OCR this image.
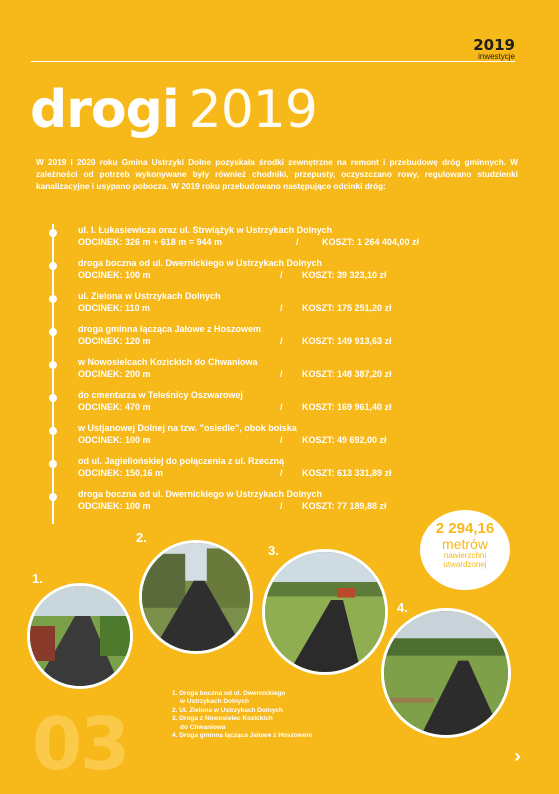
2019
inwestycje
drogi 2019
W 2019 i 2020 roku Gmina Ustrzyki Dolne pozyskała środki zewnętrzne na remont i przebudowę dróg gminnych. W zależności od potrzeb wykonywane były również chodniki, przepusty, oczyszczano rowy, regulowano studzienki kanalizacyjne i usypano pobocza. W 2019 roku przebudowano następujące odcinki dróg:
ul. I. Łukasiewicza oraz ul. Strwiążyk w Ustrzykach Dolnych
ODCINEK: 326 m + 618 m = 944 m	/	KOSZT: 1 264 404,00 zł
droga boczna od ul. Dwernickiego w Ustrzykach Dolnych
ODCINEK: 100 m	/ KOSZT: 39 323,10 zł
ul. Zielona w Ustrzykach Dolnych
ODCINEK: 110 m	/ KOSZT: 175 251,20 zł
droga gminna łącząca Jałowe z Hoszowem
ODCINEK: 120 m	/ KOSZT: 149 913,63 zł
w Nowosielcach Kozickich do Chwaniowa
ODCINEK: 200 m	/ KOSZT: 148 387,20 zł
do cmentarza w Teleśnicy Oszwarowej
ODCINEK: 470 m	/ KOSZT: 169 961,40 zł
w Ustjanowej Dolnej na tzw. "osiedle", obok boiska
ODCINEK: 100 m	/ KOSZT: 49 692,00 zł
od ul. Jagiellońskiej do połączenia z ul. Rzeczną
ODCINEK: 150,16 m	/ KOSZT: 613 331,89 zł
droga boczna od ul. Dwernickiego w Ustrzykach Dolnych
ODCINEK: 100 m	/ KOSZT: 77 189,88 zł
2 294,16
metrów
nawierzchni
utwardzonej
1.
2.
3.
4.
1. Droga boczna od ul. Dwernickiego
w Ustrzykach Dolnych
2. Ul. Zielona w Ustrzykach Dolnych
3. Droga z Nowosielec Kozickich
do Chwaniowa
4. Droga gminna łącząca Jałowe z Hoszowem
03	››
